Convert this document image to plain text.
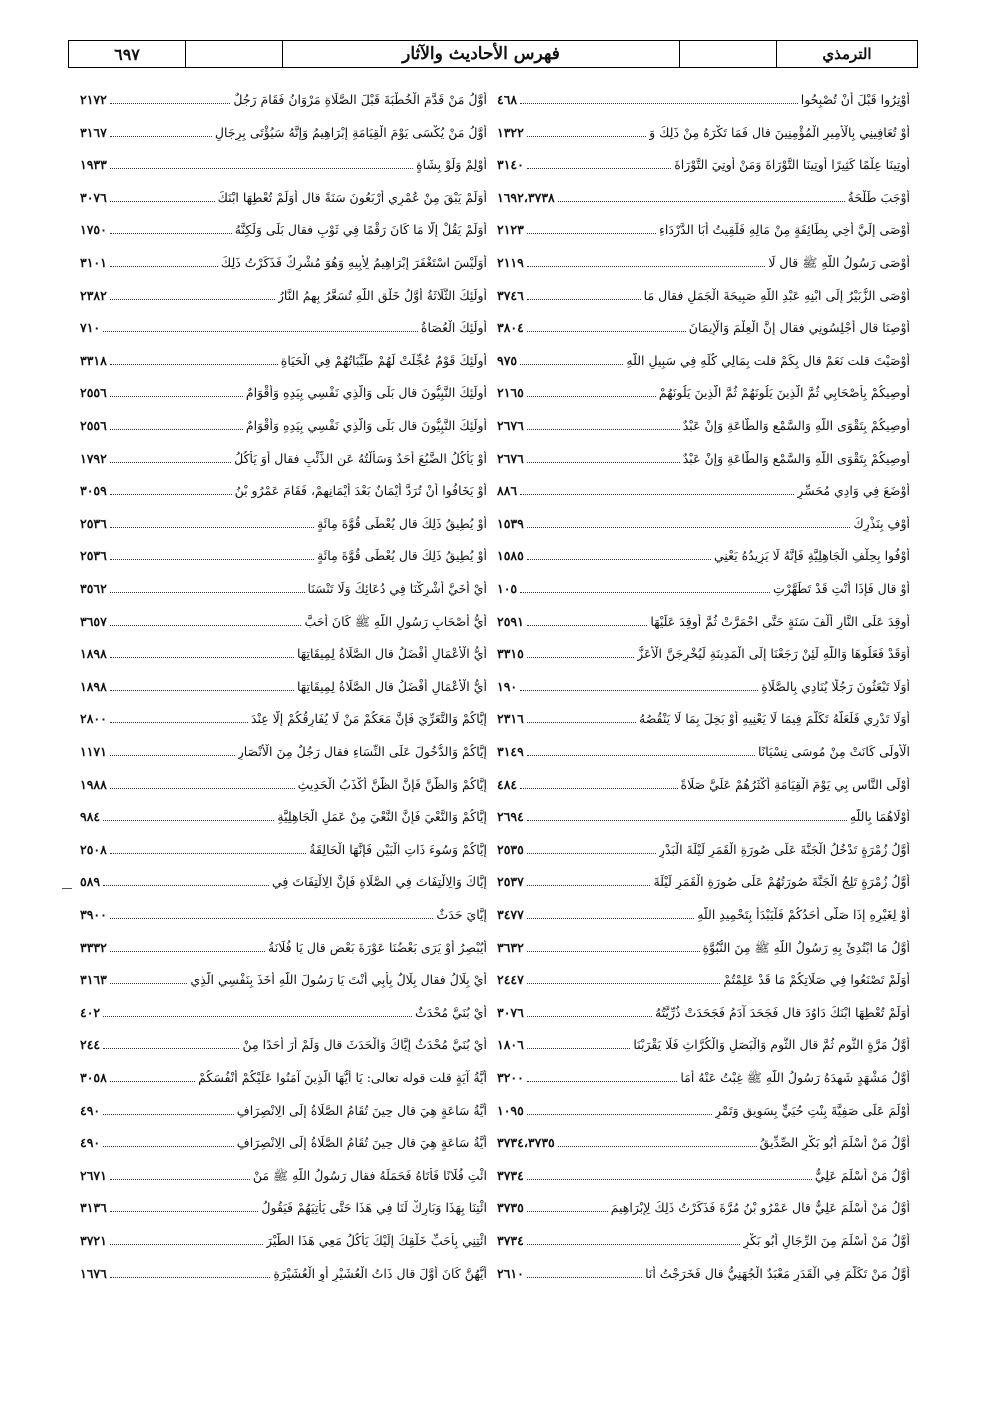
الترمذي
فهرس الأحاديث والآثار
٦٩٧
أَوْتِرُوا قَبْلَ أَنْ تُصْبِحُوا
٤٦٨
أَوْ تُعَافِينِي بِالْأَمِيرِ الْمُؤْمِنِينَ قال فَمَا تَكْرَهُ مِنْ ذَلِكَ وَ
١٣٢٢
أُوتِينَا عِلْمًا كَثِيرًا أُوتِينَا التَّوْرَاةَ وَمَنْ أُوتِيَ التَّوْرَاةَ
٣١٤٠
أَوْجَبَ طَلْحَةُ
١٦٩٢،٣٧٣٨
أَوْصَى إِلَيَّ أَخِي بِطَائِفَةٍ مِنْ مَالِهِ فَلَقِيتُ أَبَا الدَّرْدَاءِ
٢١٢٣
أَوْصَى رَسُولُ اللَّهِ ﷺ قال لَا
٢١١٩
أَوْصَى الزُّبَيْرُ إِلَى ابْنِهِ عَبْدِ اللَّهِ صَبِيحَةَ الْجَمَلِ فقال مَا
٣٧٤٦
أَوْصِنَا قال أَجْلِسُونِي فقال إِنَّ الْعِلْمَ وَالْإِيمَانَ
٣٨٠٤
أَوْصَيْتَ قلت نَعَمْ قال بِكَمْ قلت بِمَالِي كُلِّهِ فِي سَبِيلِ اللَّهِ
٩٧٥
أُوصِيكُمْ بِأَصْحَابِي ثُمَّ الَّذِينَ يَلُونَهُمْ ثُمَّ الَّذِينَ يَلُونَهُمْ
٢١٦٥
أُوصِيكُمْ بِتَقْوَى اللَّهِ وَالسَّمْعِ وَالطَّاعَةِ وَإِنْ عَبْدٌ
٢٦٧٦
أُوصِيكُمْ بِتَقْوَى اللَّهِ وَالسَّمْعِ وَالطَّاعَةِ وَإِنْ عَبْدٌ
٢٦٧٦
أَوْضَعَ فِي وَادِي مُحَسِّرٍ
٨٨٦
أَوْفِ بِنَذْرِكَ
١٥٣٩
أَوْفُوا بِحِلْفِ الْجَاهِلِيَّةِ فَإِنَّهُ لَا يَزِيدُهُ يَعْنِي
١٥٨٥
أَوْ قال فَإِذَا أَنْتِ قَدْ تَطَهَّرْتِ
١٠٥
أُوقِدَ عَلَى النَّارِ أَلْفَ سَنَةٍ حَتَّى احْمَرَّتْ ثُمَّ أُوقِدَ عَلَيْهَا
٢٥٩١
أَوَقَدْ فَعَلُوهَا وَاللَّهِ لَئِنْ رَجَعْنَا إِلَى الْمَدِينَةِ لَيُخْرِجَنَّ الْأَعَزُّ
٣٣١٥
أَوَلَا تَبْعَثُونَ رَجُلًا يُنَادِي بِالصَّلَاةِ
١٩٠
أَوَلَا تَدْرِي فَلَعَلَّهُ تَكَلَّمَ فِيمَا لَا يَعْنِيهِ أَوْ بَخِلَ بِمَا لَا يَنْقُصُهُ
٢٣١٦
الْأُولَى كَانَتْ مِنْ مُوسَى نِسْيَانًا
٣١٤٩
أَوْلَى النَّاسِ بِي يَوْمَ الْقِيَامَةِ أَكْثَرُهُمْ عَلَيَّ صَلَاةً
٤٨٤
أَوْلَاهُمَا بِاللَّهِ
٢٦٩٤
أَوَّلُ زُمْرَةٍ تَدْخُلُ الْجَنَّةَ عَلَى صُورَةِ الْقَمَرِ لَيْلَةَ الْبَدْرِ
٢٥٣٥
أَوَّلُ زُمْرَةٍ تَلِجُ الْجَنَّةَ صُورَتُهُمْ عَلَى صُورَةِ الْقَمَرِ لَيْلَةَ
٢٥٣٧
أَوْ لِغَيْرِهِ إِذَا صَلَّى أَحَدُكُمْ فَلْيَبْدَأْ بِتَحْمِيدِ اللَّهِ
٣٤٧٧
أَوَّلُ مَا ابْتُدِئَ بِهِ رَسُولُ اللَّهِ ﷺ مِنَ النُّبُوَّةِ
٣٦٣٢
أَوَلَمْ تَصْنَعُوا فِي صَلَاتِكُمْ مَا قَدْ عَلِمْتُمْ
٢٤٤٧
أَوَلَمْ تُعْطِهَا ابْنَكَ دَاوُدَ قال فَجَحَدَ آدَمُ فَجَحَدَتْ ذُرِّيَّتُهُ
٣٠٧٦
أَوَّلُ مَرَّةٍ الثُّومِ ثُمَّ قال الثُّومِ وَالْبَصَلِ وَالْكُرَّاثِ فَلَا يَقْرَبْنَا
١٨٠٦
أَوَّلُ مَشْهَدٍ شَهِدَهُ رَسُولُ اللَّهِ ﷺ غِبْتُ عَنْهُ أَمَا
٣٢٠٠
أَوْلَمَ عَلَى صَفِيَّةَ بِنْتِ حُيَيٍّ بِسَوِيقٍ وَتَمْرٍ
١٠٩٥
أَوَّلُ مَنْ أَسْلَمَ أَبُو بَكْرٍ الصِّدِّيقُ
٣٧٣٤،٣٧٣٥
أَوَّلُ مَنْ أَسْلَمَ عَلِيٌّ
٣٧٣٤
أَوَّلُ مَنْ أَسْلَمَ عَلِيٌّ قال عَمْرُو بْنُ مُرَّةَ فَذَكَرْتُ ذَلِكَ لِإِبْرَاهِيمَ
٣٧٣٥
أَوَّلُ مَنْ أَسْلَمَ مِنَ الرِّجَالِ أَبُو بَكْرٍ
٣٧٣٤
أَوَّلُ مَنْ تَكَلَّمَ فِي الْقَدَرِ مَعْبَدٌ الْجُهَنِيُّ قال فَخَرَجْتُ أَنَا
٢٦١٠
أَوَّلُ مَنْ قَدَّمَ الْخُطْبَةَ قَبْلَ الصَّلَاةِ مَرْوَانُ فَقَامَ رَجُلٌ
٢١٧٢
أَوَّلُ مَنْ يُكْسَى يَوْمَ الْقِيَامَةِ إِبْرَاهِيمُ وَإِنَّهُ سَيُؤْتَى بِرِجَالٍ
٣١٦٧
أَوْلِمْ وَلَوْ بِشَاةٍ
١٩٣٣
أَوَلَمْ يَبْقَ مِنْ عُمْرِي أَرْبَعُونَ سَنَةً قال أَوَلَمْ تُعْطِهَا ابْنَكَ
٣٠٧٦
أَوَلَمْ يَقُلْ إِلَّا مَا كَانَ رَقْمًا فِي ثَوْبٍ فقال بَلَى وَلَكِنَّهُ
١٧٥٠
أَوَلَيْسَ اسْتَغْفَرَ إِبْرَاهِيمُ لِأَبِيهِ وَهُوَ مُشْرِكٌ فَذَكَرْتُ ذَلِكَ
٣١٠١
أُولَئِكَ الثَّلَاثَةُ أَوَّلُ خَلْقِ اللَّهِ تُسَعَّرُ بِهِمُ النَّارُ
٢٣٨٢
أُولَئِكَ الْعُصَاةُ
٧١٠
أُولَئِكَ قَوْمٌ عُجِّلَتْ لَهُمْ طَيِّبَاتُهُمْ فِي الْحَيَاةِ
٣٣١٨
أُولَئِكَ النَّبِيُّونَ قال بَلَى وَالَّذِي نَفْسِي بِيَدِهِ وَأَقْوَامٌ
٢٥٥٦
أُولَئِكَ النَّبِيُّونَ قال بَلَى وَالَّذِي نَفْسِي بِيَدِهِ وَأَقْوَامٌ
٢٥٥٦
أَوْ يَأْكُلُ الضَّبُعَ أَحَدٌ وَسَأَلْتُهُ عَنِ الذِّئْبِ فقال أَوَ يَأْكُلُ
١٧٩٢
أَوْ يَخَافُوا أَنْ تُرَدَّ أَيْمَانٌ بَعْدَ أَيْمَانِهِمْ، فَقَامَ عَمْرُو بْنُ
٣٠٥٩
أَوْ يُطِيقُ ذَلِكَ قال يُعْطَى قُوَّةَ مِائَةٍ
٢٥٣٦
أَوْ يُطِيقُ ذَلِكَ قال يُعْطَى قُوَّةَ مِائَةٍ
٢٥٣٦
أَيْ أُخَيَّ أَشْرِكْنَا فِي دُعَائِكَ وَلَا تَنْسَنَا
٣٥٦٢
أَيُّ أَصْحَابِ رَسُولِ اللَّهِ ﷺ كَانَ أَحَبَّ
٣٦٥٧
أَيُّ الْأَعْمَالِ أَفْضَلُ قال الصَّلَاةُ لِمِيقَاتِهَا
١٨٩٨
أَيُّ الْأَعْمَالِ أَفْضَلُ قال الصَّلَاةُ لِمِيقَاتِهَا
١٨٩٨
إِيَّاكُمْ وَالتَّعَرِّيَ فَإِنَّ مَعَكُمْ مَنْ لَا يُفَارِقُكُمْ إِلَّا عِنْدَ
٢٨٠٠
إِيَّاكُمْ وَالدُّخُولَ عَلَى النِّسَاءِ فقال رَجُلٌ مِنَ الْأَنْصَارِ
١١٧١
إِيَّاكُمْ وَالظَّنَّ فَإِنَّ الظَّنَّ أَكْذَبُ الْحَدِيثِ
١٩٨٨
إِيَّاكُمْ وَالنَّعْيَ فَإِنَّ النَّعْيَ مِنْ عَمَلِ الْجَاهِلِيَّةِ
٩٨٤
إِيَّاكُمْ وَسُوءَ ذَاتِ الْبَيْنِ فَإِنَّهَا الْحَالِقَةُ
٢٥٠٨
إِيَّاكَ وَالِالْتِفَاتَ فِي الصَّلَاةِ فَإِنَّ الِالْتِفَاتَ فِي
٥٨٩
إِيَّايَ حَدَثٌ
٣٩٠٠
أَيُبْصِرُ أَوْ يَرَى بَعْضُنَا عَوْرَةَ بَعْضٍ قال يَا فُلَانَةُ
٣٣٣٢
أَيْ بِلَالُ فقال بِلَالٌ بِأَبِي أَنْتَ يَا رَسُولَ اللَّهِ أَخَذَ بِنَفْسِي الَّذِي
٣١٦٣
أَيْ بُنَيَّ مُحْدَثٌ
٤٠٢
أَيْ بُنَيَّ مُحْدَثٌ إِيَّاكَ وَالْحَدَثَ قال وَلَمْ أَرَ أَحَدًا مِنْ
٢٤٤
أَيَّةُ آيَةٍ قلت قوله تعالى: يَا أَيُّهَا الَّذِينَ آمَنُوا عَلَيْكُمْ أَنْفُسَكُمْ
٣٠٥٨
أَيَّةُ سَاعَةٍ هِيَ قال حِينَ تُقَامُ الصَّلَاةُ إِلَى الِانْصِرَافِ
٤٩٠
أَيَّةُ سَاعَةٍ هِيَ قال حِينَ تُقَامُ الصَّلَاةُ إِلَى الِانْصِرَافِ
٤٩٠
ائْتِ فُلَانًا فَأَتَاهُ فَحَمَلَهُ فقال رَسُولُ اللَّهِ ﷺ مَنْ
٢٦٧١
ائْتِنَا بِهَذَا وَبَارِكْ لَنَا فِي هَذَا حَتَّى يَأْتِيَهُمْ فَيَقُولُ
٣١٣٦
ائْتِنِي بِأَحَبِّ خَلْقِكَ إِلَيْكَ يَأْكُلُ مَعِي هَذَا الطَّيْرَ
٣٧٢١
أَيُّهُنَّ كَانَ أَوَّلَ قال ذَاتُ الْعُشَيْرِ أَوِ الْعُشَيْرَةِ
١٦٧٦
